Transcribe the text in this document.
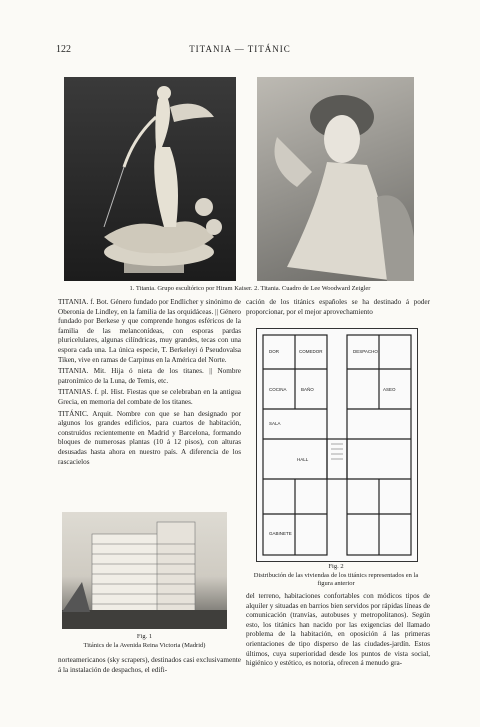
122	TITANIA — TITÁNIC
1. Titania. Grupo escultórico por Hiram Kaiser. 2. Titania. Cuadro de Lee Woodward Zeigler

TITANIA. f. Bot. Género fundado por Endlicher y sinónimo de Oberonia de Lindley, en la familia de las orquidáceas. || Género fundado por Berkese y que comprende hongos esféricos de la familia de las melanconídeas, con esporas pardas pluricelulares, algunas cilíndricas, muy grandes, tecas con una espora cada una. La única especie, T. Berkeleyi ó Pseudovalsa Tiken, vive en ramas de Carpinus en la América del Norte.

TITANIA. Mit. Hija ó nieta de los titanes. || Nombre patronímico de la Luna, de Temis, etc.

TITANIAS. f. pl. Hist. Fiestas que se celebraban en la antigua Grecia, en memoria del combate de los titanes.

TITÁNIC. Arquit. Nombre con que se han designado por algunos los grandes edificios, para cuartos de habitación, construídos recientemente en Madrid y Barcelona, formando bloques de numerosas plantas (10 á 12 pisos), con alturas desusadas hasta ahora en nuestro país. A diferencia de los rascacielos

Fig. 1
Titánics de la Avenida Reina Victoria (Madrid)

norteamericanos (sky scrapers), destinados casi exclusivamente á la instalación de despachos, el edifi-

cación de los titánics españoles se ha destinado á poder proporcionar, por el mejor aprovechamiento

DOR	COMEDOR
BAÑO
COCINA
SALA
HALL
GABINETE
DESPACHO
ASEO
Fig. 2
Distribución de las viviendas de los titánics representados en la figura anterior

del terreno, habitaciones confortables con módicos tipos de alquiler y situadas en barrios bien servidos por rápidas líneas de comunicación (tranvías, autobuses y metropolitanos). Según esto, los titánics han nacido por las exigencias del llamado problema de la habitación, en oposición á las primeras orientaciones de tipo disperso de las ciudades-jardín. Estos últimos, cuya superioridad desde los puntos de vista social, higiénico y estético, es notoria, ofrecen á menudo gra-
